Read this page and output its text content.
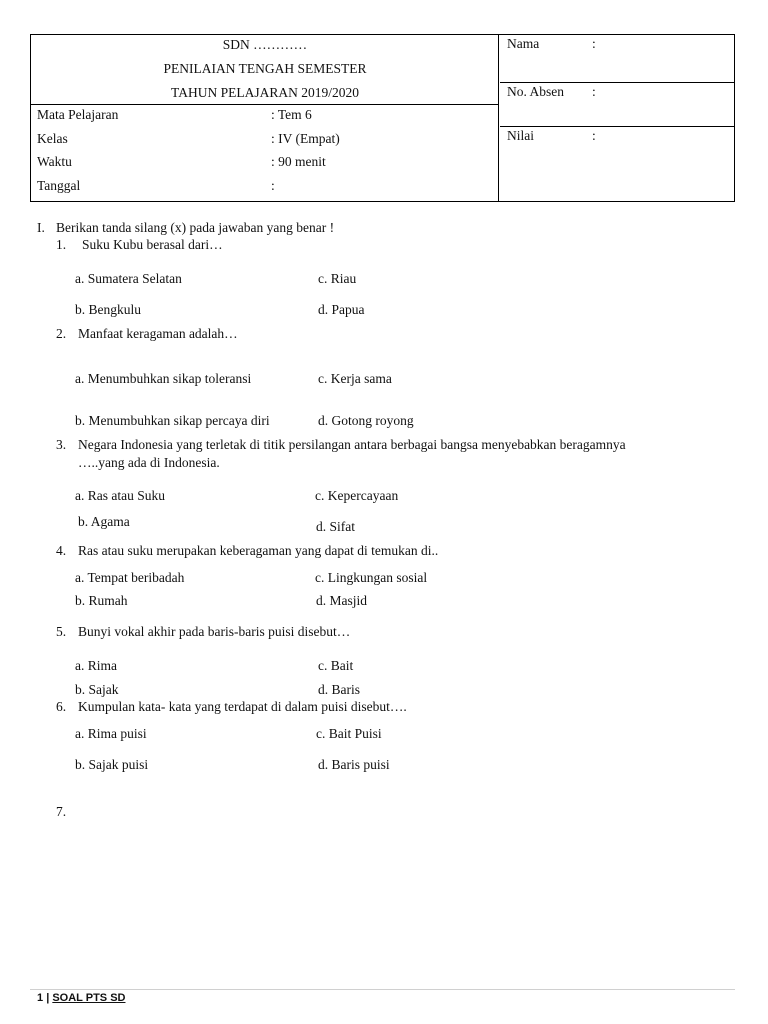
SDN …………
PENILAIAN TENGAH SEMESTER
TAHUN PELAJARAN 2019/2020
Mata Pelajaran	: Tem 6
Kelas	: IV (Empat)
Waktu	: 90 menit
Tanggal	:
Nama	:
No. Absen :
Nilai	:
I. Berikan tanda silang (x) pada jawaban yang benar !
1. Suku Kubu berasal dari…
a. Sumatera Selatan	c. Riau
b. Bengkulu	d. Papua
2. Manfaat keragaman adalah…
a. Menumbuhkan sikap toleransi	c. Kerja sama
b. Menumbuhkan sikap percaya diri	d. Gotong royong
3. Negara Indonesia yang terletak di titik persilangan antara berbagai bangsa menyebabkan beragamnya
…..yang ada di Indonesia.
a. Ras atau Suku	c. Kepercayaan
b. Agama	d. Sifat
4. Ras atau suku merupakan keberagaman yang dapat di temukan di..
a. Tempat beribadah	c. Lingkungan sosial
b. Rumah	d. Masjid
5. Bunyi vokal akhir pada baris-baris puisi disebut…
a. Rima	c. Bait
b. Sajak	d. Baris
6. Kumpulan kata- kata yang terdapat di dalam puisi disebut….
a. Rima puisi	c. Bait Puisi
b. Sajak puisi	d. Baris puisi
7.
1 | SOAL PTS SD
